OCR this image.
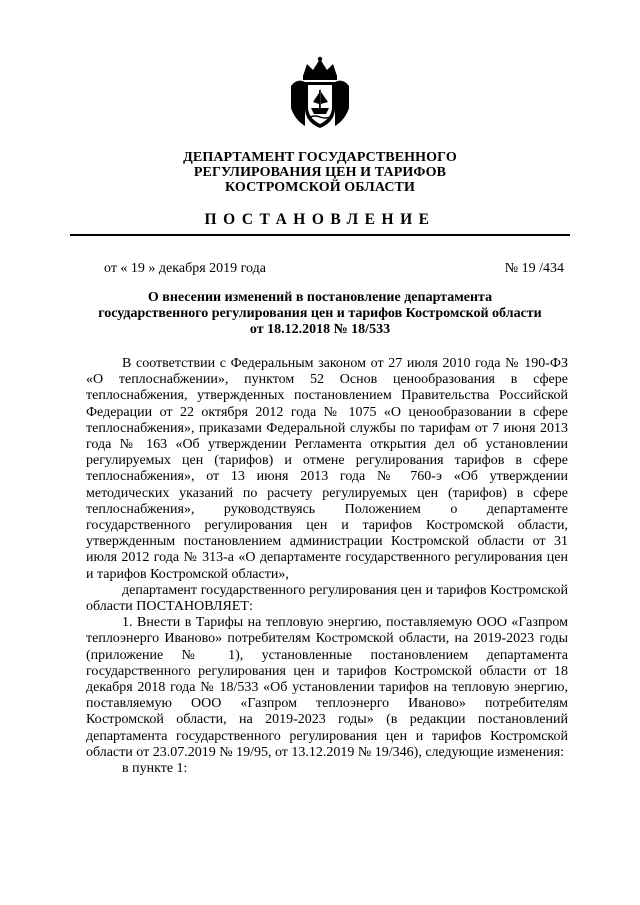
ДЕПАРТАМЕНТ ГОСУДАРСТВЕННОГО
РЕГУЛИРОВАНИЯ ЦЕН И ТАРИФОВ
КОСТРОМСКОЙ ОБЛАСТИ
ПОСТАНОВЛЕНИЕ
от « 19 » декабря 2019 года	№ 19 /434
О внесении изменений в постановление департамента
государственного регулирования цен и тарифов Костромской области
от 18.12.2018 № 18/533

В соответствии с Федеральным законом от 27 июля 2010 года № 190-ФЗ «О теплоснабжении», пунктом 52 Основ ценообразования в сфере теплоснабжения, утвержденных постановлением Правительства Российской Федерации от 22 октября 2012 года № 1075 «О ценообразовании в сфере теплоснабжения», приказами Федеральной службы по тарифам от 7 июня 2013 года № 163 «Об утверждении Регламента открытия дел об установлении регулируемых цен (тарифов) и отмене регулирования тарифов в сфере теплоснабжения», от 13 июня 2013 года № 760-э «Об утверждении методических указаний по расчету регулируемых цен (тарифов) в сфере теплоснабжения», руководствуясь Положением о департаменте государственного регулирования цен и тарифов Костромской области, утвержденным постановлением администрации Костромской области от 31 июля 2012 года № 313-а «О департаменте государственного регулирования цен и тарифов Костромской области»,

департамент государственного регулирования цен и тарифов Костромской области ПОСТАНОВЛЯЕТ:

1. Внести в Тарифы на тепловую энергию, поставляемую ООО «Газпром теплоэнерго Иваново» потребителям Костромской области, на 2019-2023 годы (приложение № 1), установленные постановлением департамента государственного регулирования цен и тарифов Костромской области от 18 декабря 2018 года № 18/533 «Об установлении тарифов на тепловую энергию, поставляемую ООО «Газпром теплоэнерго Иваново» потребителям Костромской области, на 2019-2023 годы» (в редакции постановлений департамента государственного регулирования цен и тарифов Костромской области от 23.07.2019 № 19/95, от 13.12.2019 № 19/346), следующие изменения:

в пункте 1:
